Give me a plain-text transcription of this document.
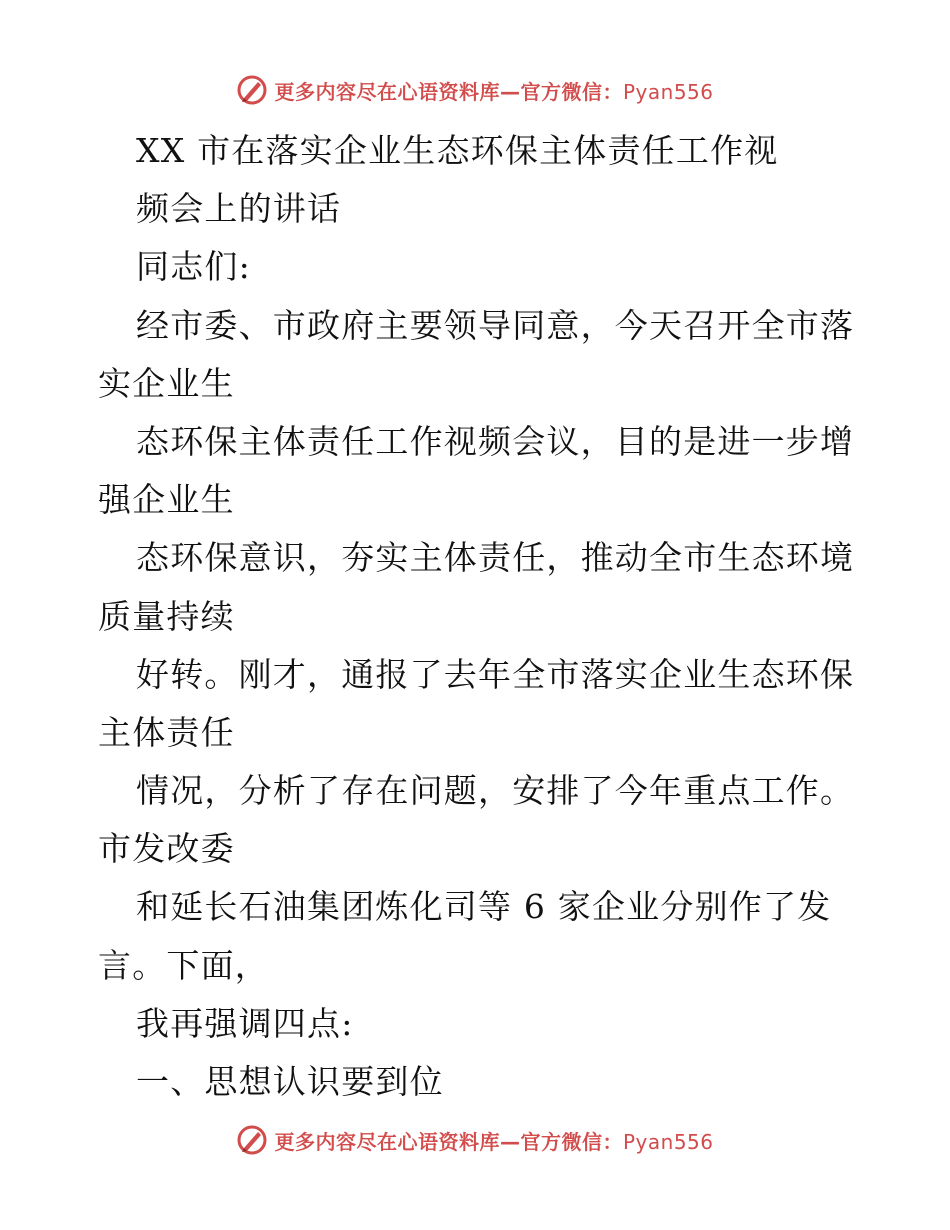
更多内容尽在心语资料库—官方微信：Pyan556
XX 市在落实企业生态环保主体责任工作视
频会上的讲话
同志们:
经市委、市政府主要领导同意，今天召开全市落
实企业生
态环保主体责任工作视频会议，目的是进一步增
强企业生
态环保意识，夯实主体责任，推动全市生态环境
质量持续
好转。刚才，通报了去年全市落实企业生态环保
主体责任
情况，分析了存在问题，安排了今年重点工作。
市发改委
和延长石油集团炼化司等 6 家企业分别作了发
言。下面，
我再强调四点:
一、思想认识要到位
更多内容尽在心语资料库—官方微信：Pyan556
